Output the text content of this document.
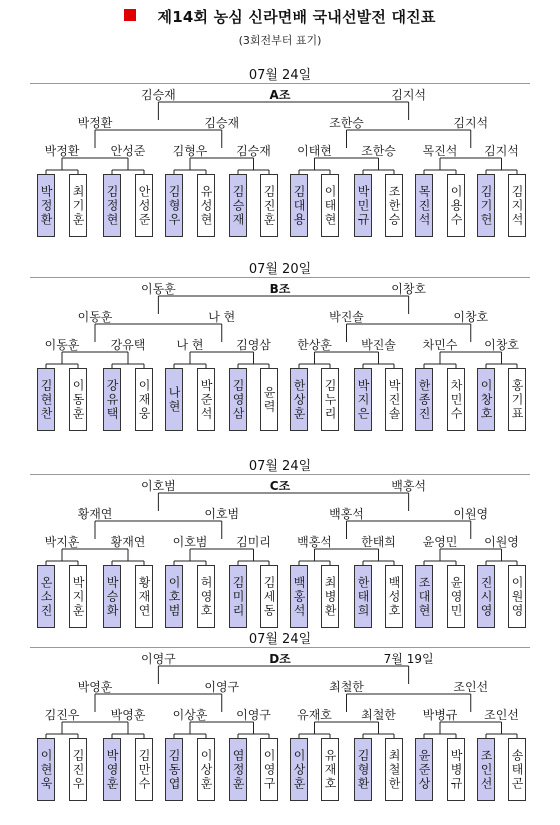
제14회 농심 신라면배 국내선발전 대진표
(3회전부터 표기)
07월 24일
A조
김승재	김지석
박정환	김승재	조한승	김지석
박정환	안성준 김형우 김승재 이태현 조한승 목진석 김지석
박정환 최기훈 김정현 안성준 김형우 유성현 김승재 김진훈 김대용 이태현 박민규 조한승 목진석 이용수 김기헌 김지석
07월 20일
B조
이동훈	이창호
이동훈	나 현	박진솔	이창호
이동훈	강유택	나 현	김영삼 한상훈 박진솔 차민수 이창호
김현찬 이동훈 강유택 이재웅 나현 박준석 김영삼 윤력 한상훈 김누리 박지은 박진솔 한종진 차민수 이창호 홍기표
07월 24일
C조
이호범	백홍석
황재연	이호범	백홍석	이원영
박지훈	황재연 이호범 김미리 백홍석 한태희 윤영민 이원영
온소진 박지훈 박승화 황재연 이호범 허영호 김미리 김세동 백홍석 최병환 한태희 백성호 조대현 윤영민 진시영 이원영
07월 24일
D조
이영구	7월 19일
박영훈	이영구	최철한	조인선
김진우	박영훈 이상훈 이영구 유재호 최철한 박병규 조인선
이현욱 김진우 박영훈 김만수 김동엽 이상훈 염정훈 이영구 이상훈 유재호 김형환 최철한 윤준상 박병규 조인선 송태곤
